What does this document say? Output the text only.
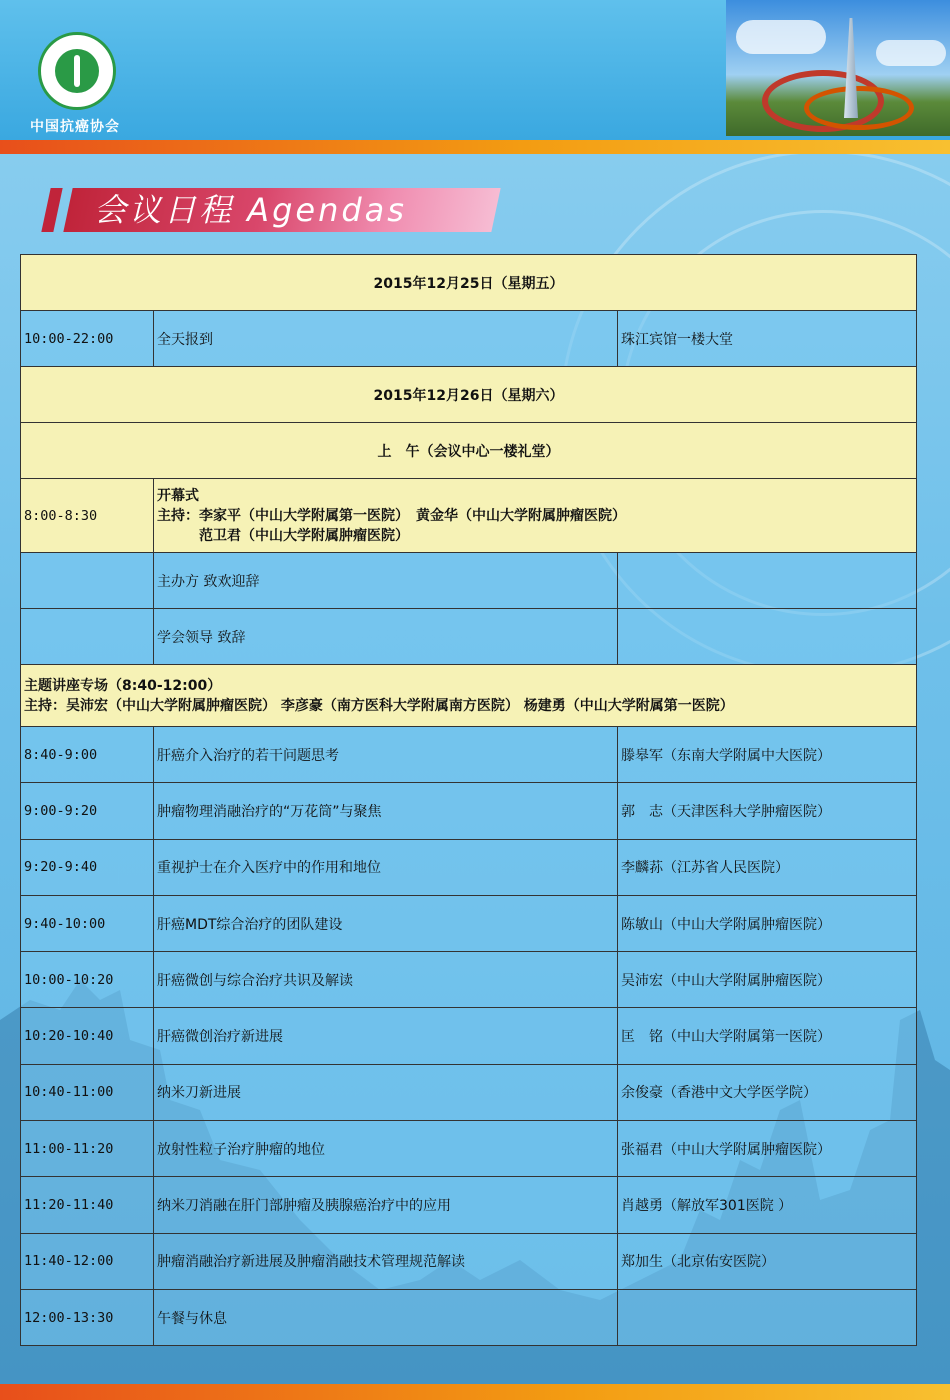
中国抗癌协会
会议日程 Agendas
2015年12月25日（星期五）		
10:00-22:00	全天报到	珠江宾馆一楼大堂
2015年12月26日（星期六）		
上　午（会议中心一楼礼堂）		
8:00-8:30	开幕式
主持：李家平（中山大学附属第一医院）　黄金华（中山大学附属肿瘤医院）
　　　范卫君（中山大学附属肿瘤医院）	

	主办方 致欢迎辞	
	学会领导 致辞	

主题讲座专场（8:40-12:00）
主持：吴沛宏（中山大学附属肿瘤医院） 李彦豪（南方医科大学附属南方医院） 杨建勇（中山大学附属第一医院）		

8:40-9:00	肝癌介入治疗的若干问题思考	滕皋军（东南大学附属中大医院）
9:00-9:20	肿瘤物理消融治疗的“万花筒”与聚焦	郭　志（天津医科大学肿瘤医院）
9:20-9:40	重视护士在介入医疗中的作用和地位	李麟荪（江苏省人民医院）
9:40-10:00	肝癌MDT综合治疗的团队建设	陈敏山（中山大学附属肿瘤医院）
10:00-10:20	肝癌微创与综合治疗共识及解读	吴沛宏（中山大学附属肿瘤医院）
10:20-10:40	肝癌微创治疗新进展	匡　铭（中山大学附属第一医院）
10:40-11:00	纳米刀新进展	余俊豪（香港中文大学医学院）
11:00-11:20	放射性粒子治疗肿瘤的地位	张福君（中山大学附属肿瘤医院）
11:20-11:40	纳米刀消融在肝门部肿瘤及胰腺癌治疗中的应用	肖越勇（解放军301医院 ）
11:40-12:00	肿瘤消融治疗新进展及肿瘤消融技术管理规范解读	郑加生（北京佑安医院）
12:00-13:30	午餐与休息	
